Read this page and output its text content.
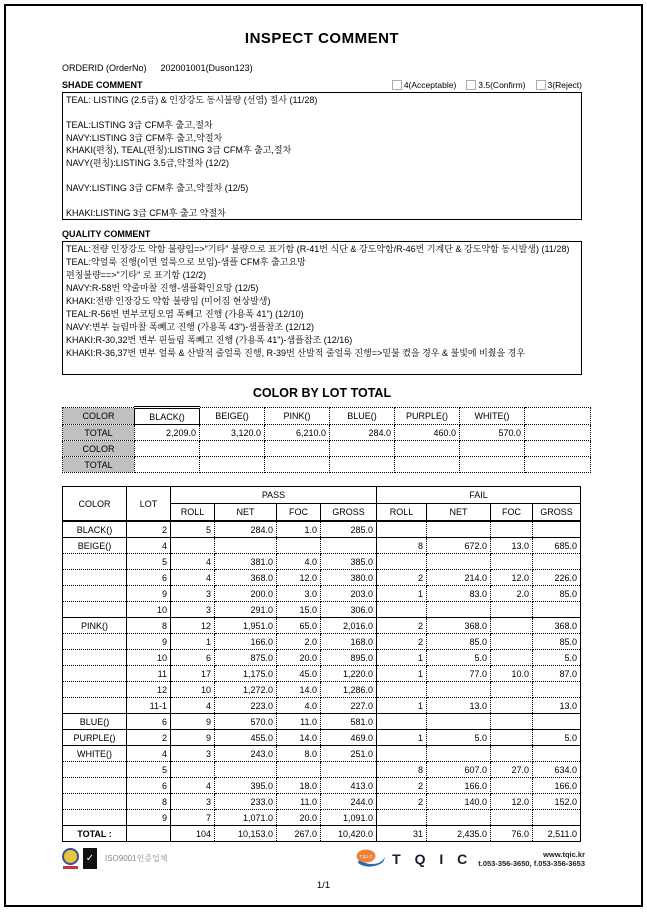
INSPECT COMMENT
ORDERID (OrderNo) 202001001(Duson123)
SHADE COMMENT	4(Acceptable)	3.5(Confirm)	3(Reject)
TEAL: LISTING (2.5급) & 인장강도 동시불량 (선염) 절사 (11/28)

TEAL:LISTING 3급 CFM후 출고,절차
NAVY:LISTING 3급 CFM후 출고,약절차
KHAKI(편칭), TEAL(편칭):LISTING 3급 CFM후 출고,절차
NAVY(편칭):LISTING 3.5급,약절차 (12/2)

NAVY:LISTING 3급 CFM후 출고,약절차 (12/5)

KHAKI:LISTING 3급 CFM후 출고 약절차
QUALITY COMMENT
TEAL:전량 인장강도 약함 불량임=>"기타" 불량으로 표기함 (R-41번 식단 & 강도약함/R-46번 기계단 & 강도약함 동시발생) (11/28)
TEAL:약얼룩 진행(이면 얼룩으로 보임)-샘플 CFM후 출고요망
편칭불량==>"기타" 로 표기함 (12/2)
NAVY:R-58번 약줄마찰 진행-샘플확인요망 (12/5)
KHAKI:전량 인장강도 약함 불량임 (미어짐 현상발생)
TEAL:R-56번 변부코팅오염 폭빼고 진행 (가용폭 41") (12/10)
NAVY:변부 늘림마찰 폭빼고 진행 (가용폭 43")-샘플참조 (12/12)
KHAKI:R-30,32번 변부 핀들림 폭빼고 진행 (가용폭 41")-샘플참조 (12/16)
KHAKI:R-36,37번 변부 얼룩 & 산발적 줄얼룩 진행, R-39번 산발적 줄얼룩 진행=>밑불 켰을 경우 & 불빛에 비췄을 경우
COLOR BY LOT TOTAL
COLOR	BLACK()	BEIGE()	PINK()	BLUE()	PURPLE()	WHITE()	
TOTAL	2,209.0	3,120.0	6,210.0	284.0	460.0	570.0	
COLOR							
TOTAL							
COLOR	LOT	PASS				FAIL			
		ROLL	NET	FOC	GROSS	ROLL	NET	FOC	GROSS
BLACK()	2	5	284.0	1.0	285.0				
BEIGE()	4					8	672.0	13.0	685.0
	5	4	381.0	4.0	385.0				
	6	4	368.0	12.0	380.0	2	214.0	12.0	226.0
	9	3	200.0	3.0	203.0	1	83.0	2.0	85.0
	10	3	291.0	15.0	306.0				
PINK()	8	12	1,951.0	65.0	2,016.0	2	368.0		368.0
	9	1	166.0	2.0	168.0	2	85.0		85.0
	10	6	875.0	20.0	895.0	1	5.0		5.0
	11	17	1,175.0	45.0	1,220.0	1	77.0	10.0	87.0
	12	10	1,272.0	14.0	1,286.0				
	11-1	4	223.0	4.0	227.0	1	13.0		13.0
BLUE()	6	9	570.0	11.0	581.0				
PURPLE()	2	9	455.0	14.0	469.0	1	5.0		5.0
WHITE()	4	3	243.0	8.0	251.0				
	5					8	607.0	27.0	634.0
	6	4	395.0	18.0	413.0	2	166.0		166.0
	8	3	233.0	11.0	244.0	2	140.0	12.0	152.0
	9	7	1,071.0	20.0	1,091.0				
TOTAL :		104	10,153.0	267.0	10,420.0	31	2,435.0	76.0	2,511.0
✓	ISO9001인증업체	T.Q.I.C T Q I C	www.tqic.kr
t.053-356-3650, f.053-356-3653
1/1
